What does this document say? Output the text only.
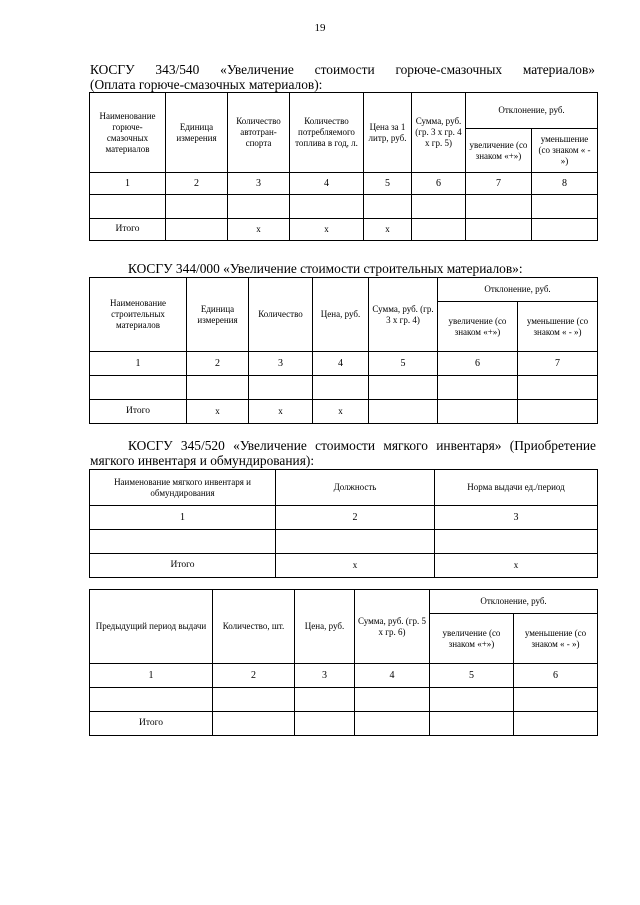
19
КОСГУ 343/540 «Увеличение стоимости горюче-смазочных материалов»
(Оплата горюче-смазочных материалов):
Наименование горюче-смазочных материалов	Единица измерения	Количество автотран-спорта	Количество потребляемого топлива в год, л.	Цена за 1 литр, руб.	Сумма, руб. (гр. 3 х гр. 4 х гр. 5)	Отклонение, руб.	
						увеличение (со знаком «+»)	уменьшение (со знаком « - »)
1	2	3	4	5	6	7	8

Итого		х	х	х			
КОСГУ 344/000 «Увеличение стоимости строительных материалов»:
Наименование строительных материалов	Единица измерения	Количество	Цена, руб.	Сумма, руб. (гр. 3 х гр. 4)	Отклонение, руб.	
					увеличение (со знаком «+»)	уменьшение (со знаком « - »)
1	2	3	4	5	6	7

Итого	х	х	х			
КОСГУ 345/520 «Увеличение стоимости мягкого инвентаря» (Приобретение
мягкого инвентаря и обмундирования):
Наименование мягкого инвентаря и обмундирования	Должность	Норма выдачи ед./период
1	2	3

Итого	х	х
Предыдущий период выдачи	Количество, шт.	Цена, руб.	Сумма, руб. (гр. 5 х гр. 6)	Отклонение, руб.	
				увеличение (со знаком «+»)	уменьшение (со знаком « - »)
1	2	3	4	5	6

Итого					
